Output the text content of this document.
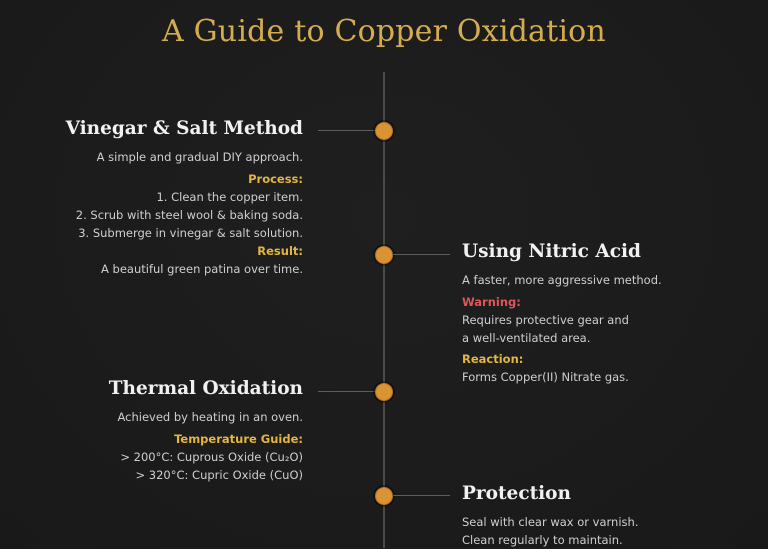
A Guide to Copper Oxidation
Vinegar & Salt Method
A simple and gradual DIY approach.
Process:
1. Clean the copper item.
2. Scrub with steel wool & baking soda.
3. Submerge in vinegar & salt solution.
Result:
A beautiful green patina over time.
Using Nitric Acid
A faster, more aggressive method.
Warning:
Requires protective gear and
a well-ventilated area.
Reaction:
Forms Copper(II) Nitrate gas.
Thermal Oxidation
Achieved by heating in an oven.
Temperature Guide:
> 200°C: Cuprous Oxide (Cu₂O)
> 320°C: Cupric Oxide (CuO)
Protection
Seal with clear wax or varnish.
Clean regularly to maintain.
